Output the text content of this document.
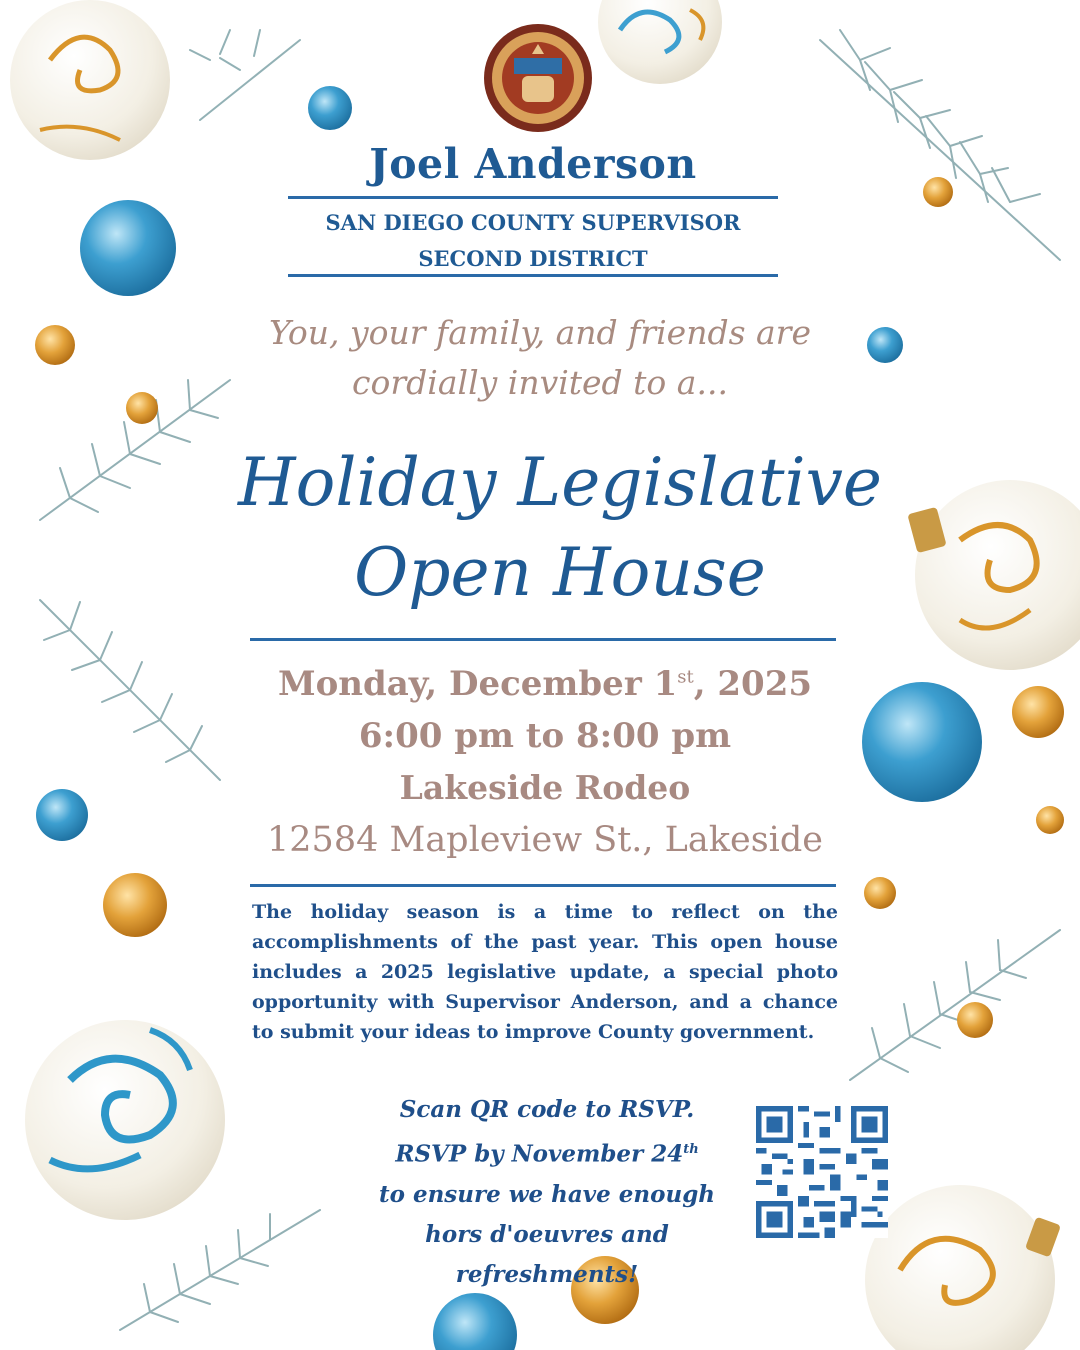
Joel Anderson
SAN DIEGO COUNTY SUPERVISOR
SECOND DISTRICT
You, your family, and friends are
cordially invited to a...
Holiday Legislative
Open House
Monday, December 1st, 2025
6:00 pm to 8:00 pm
Lakeside Rodeo
12584 Mapleview St., Lakeside
The holiday season is a time to reflect on the accomplishments of the past year. This open house includes a 2025 legislative update, a special photo opportunity with Supervisor Anderson, and a chance to submit your ideas to improve County government.
Scan QR code to RSVP.
RSVP by November 24th
to ensure we have enough
hors d'oeuvres and refreshments!
